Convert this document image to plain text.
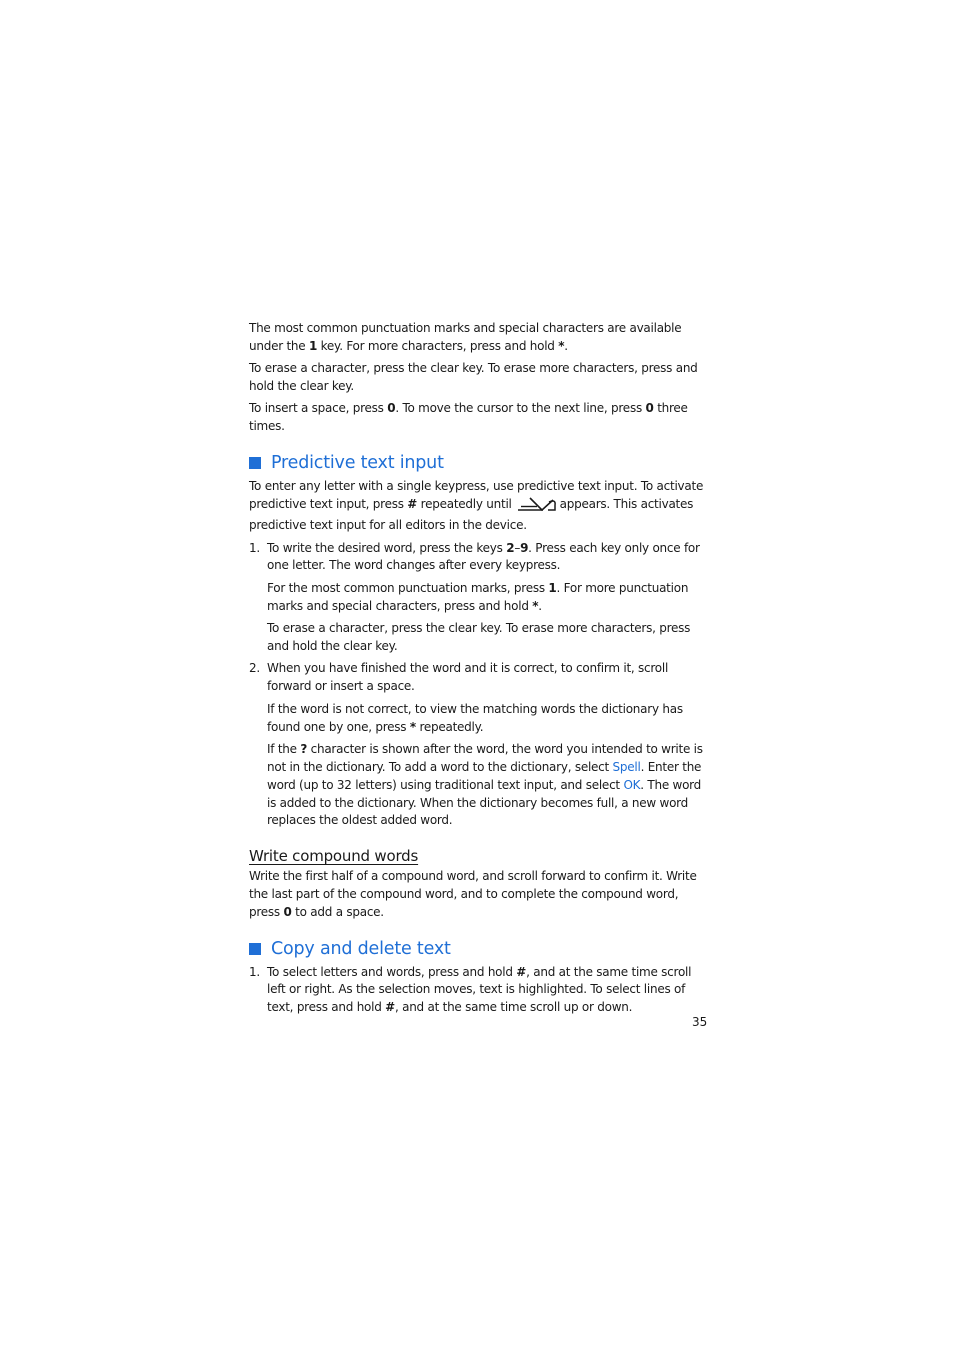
The most common punctuation marks and special characters are available under the 1 key. For more characters, press and hold *.

To erase a character, press the clear key. To erase more characters, press and hold the clear key.

To insert a space, press 0. To move the cursor to the next line, press 0 three times.

Predictive text input

To enter any letter with a single keypress, use predictive text input. To activate predictive text input, press # repeatedly until	appears. This activates predictive text input for all editors in the device.

1. To write the desired word, press the keys 2–9. Press each key only once for one letter. The word changes after every keypress.

For the most common punctuation marks, press 1. For more punctuation marks and special characters, press and hold *.

To erase a character, press the clear key. To erase more characters, press and hold the clear key.

2. When you have finished the word and it is correct, to confirm it, scroll forward or insert a space.

If the word is not correct, to view the matching words the dictionary has found one by one, press * repeatedly.

If the ? character is shown after the word, the word you intended to write is not in the dictionary. To add a word to the dictionary, select Spell. Enter the word (up to 32 letters) using traditional text input, and select OK. The word is added to the dictionary. When the dictionary becomes full, a new word replaces the oldest added word.

Write compound words

Write the first half of a compound word, and scroll forward to confirm it. Write the last part of the compound word, and to complete the compound word, press 0 to add a space.

Copy and delete text
1. To select letters and words, press and hold #, and at the same time scroll left or right. As the selection moves, text is highlighted. To select lines of text, press and hold #, and at the same time scroll up or down.
35
